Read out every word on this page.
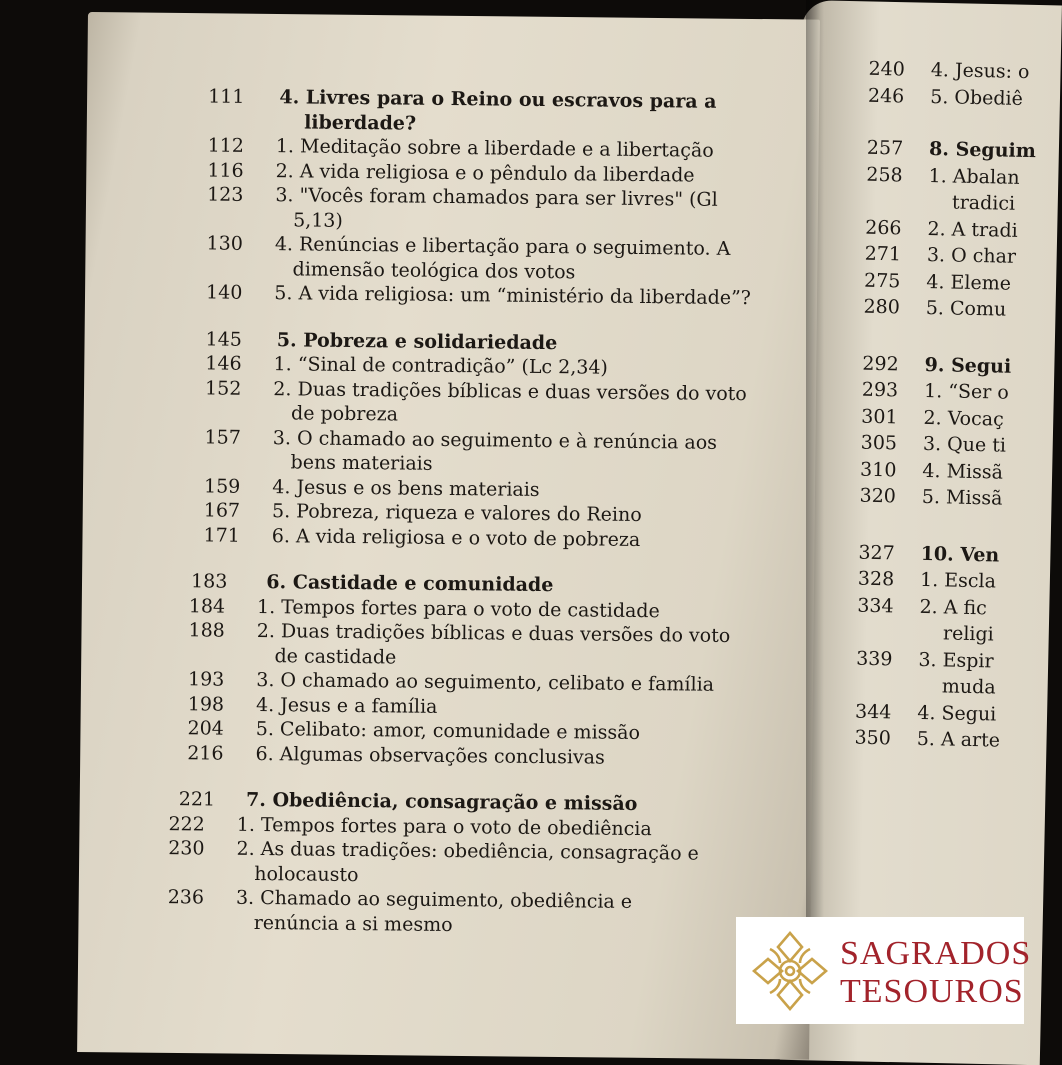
111 4. Livres para o Reino ou escravos para a
liberdade?
112 1. Meditação sobre a liberdade e a libertação
116 2. A vida religiosa e o pêndulo da liberdade
123 3. "Vocês foram chamados para ser livres" (Gl
5,13)
130 4. Renúncias e libertação para o seguimento. A
dimensão teológica dos votos
140 5. A vida religiosa: um “ministério da liberdade”?
145 5. Pobreza e solidariedade
146 1. “Sinal de contradição” (Lc 2,34)
152 2. Duas tradições bíblicas e duas versões do voto
de pobreza
157 3. O chamado ao seguimento e à renúncia aos
bens materiais
159 4. Jesus e os bens materiais
167 5. Pobreza, riqueza e valores do Reino
171 6. A vida religiosa e o voto de pobreza
183 6. Castidade e comunidade
184 1. Tempos fortes para o voto de castidade
188 2. Duas tradições bíblicas e duas versões do voto
de castidade
193 3. O chamado ao seguimento, celibato e família
198 4. Jesus e a família
204 5. Celibato: amor, comunidade e missão
216 6. Algumas observações conclusivas
221 7. Obediência, consagração e missão
222 1. Tempos fortes para o voto de obediência
230 2. As duas tradições: obediência, consagração e
holocausto
236 3. Chamado ao seguimento, obediência e
renúncia a si mesmo
240 4. Jesus: o
246 5. Obediê
257 8. Seguim
258 1. Abalan
tradici
266 2. A tradi
271 3. O char
275 4. Eleme
280 5. Comu
292 9. Segui
293 1. “Ser o
301 2. Vocaç
305 3. Que ti
310 4. Missã
320 5. Missã
327 10. Ven
328 1. Escla
334 2. A fic
religi
339 3. Espir
muda
344 4. Segui
350 5. A arte
SAGRADOS
TESOUROS
